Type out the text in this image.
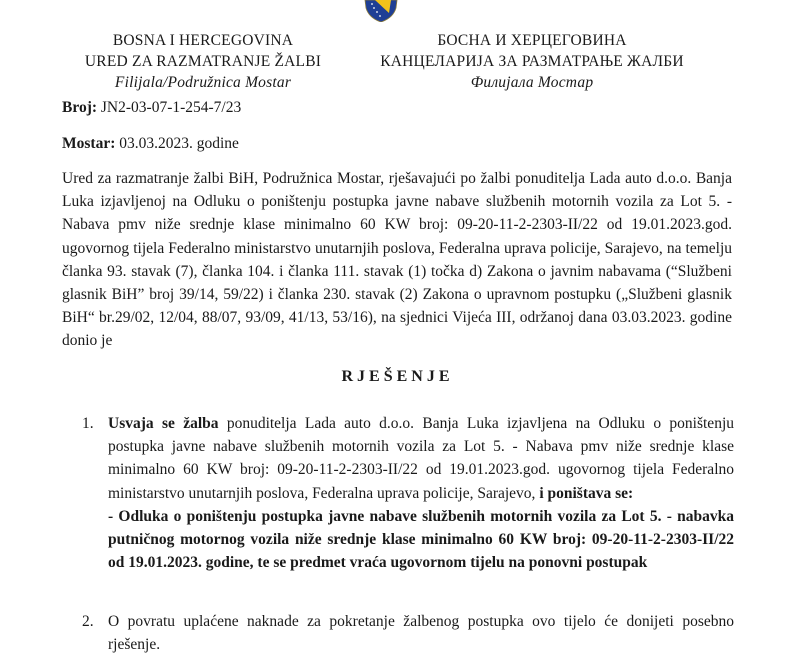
BOSNA I HERCEGOVINA
URED ZA RAZMATRANJE ŽALBI
Filijala/Podružnica Mostar
БОСНА И ХЕРЦЕГОВИНА
КАНЦЕЛАРИЈА ЗА РАЗМАТРАЊЕ ЖАЛБИ
Филијала Мостар
Broj: JN2-03-07-1-254-7/23
Mostar: 03.03.2023. godine
Ured za razmatranje žalbi BiH, Podružnica Mostar, rješavajući po žalbi ponuditelja Lada auto d.o.o. Banja Luka izjavljenoj na Odluku o poništenju postupka javne nabave službenih motornih vozila za Lot 5. - Nabava pmv niže srednje klase minimalno 60 KW broj: 09-20-11-2-2303-II/22 od 19.01.2023.god. ugovornog tijela Federalno ministarstvo unutarnjih poslova, Federalna uprava policije, Sarajevo, na temelju članka 93. stavak (7), članka 104. i članka 111. stavak (1) točka d) Zakona o javnim nabavama (“Službeni glasnik BiH” broj 39/14, 59/22) i članka 230. stavak (2) Zakona o upravnom postupku („Službeni glasnik BiH“ br.29/02, 12/04, 88/07, 93/09, 41/13, 53/16), na sjednici Vijeća III, održanoj dana 03.03.2023. godine donio je
RJEŠENJE
1. Usvaja se žalba ponuditelja Lada auto d.o.o. Banja Luka izjavljena na Odluku o poništenju postupka javne nabave službenih motornih vozila za Lot 5. - Nabava pmv niže srednje klase minimalno 60 KW broj: 09-20-11-2-2303-II/22 od 19.01.2023.god. ugovornog tijela Federalno ministarstvo unutarnjih poslova, Federalna uprava policije, Sarajevo, i poništava se:
- Odluka o poništenju postupka javne nabave službenih motornih vozila za Lot 5. - nabavka putničnog motornog vozila niže srednje klase minimalno 60 KW broj: 09-20-11-2-2303-II/22 od 19.01.2023. godine, te se predmet vraća ugovornom tijelu na ponovni postupak
2. O povratu uplaćene naknade za pokretanje žalbenog postupka ovo tijelo će donijeti posebno rješenje.
